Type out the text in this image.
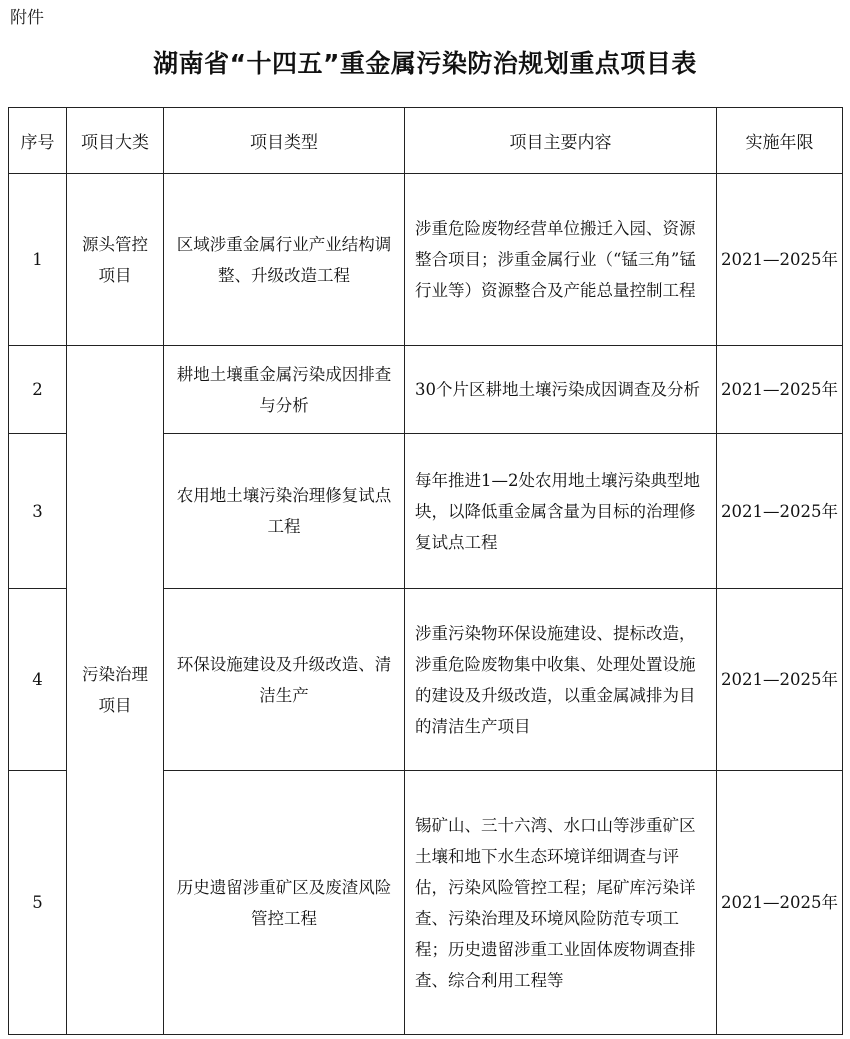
附件
湖南省“十四五”重金属污染防治规划重点项目表
序号	项目大类	项目类型	项目主要内容	实施年限
1	源头管控项目	区域涉重金属行业产业结构调整、升级改造工程	涉重危险废物经营单位搬迁入园、资源整合项目；涉重金属行业（“锰三角”锰行业等）资源整合及产能总量控制工程	2021—2025年
2	污染治理项目	耕地土壤重金属污染成因排查与分析	30个片区耕地土壤污染成因调查及分析	2021—2025年
3		农用地土壤污染治理修复试点工程	每年推进1—2处农用地土壤污染典型地块，以降低重金属含量为目标的治理修复试点工程	2021—2025年
4		环保设施建设及升级改造、清洁生产	涉重污染物环保设施建设、提标改造，涉重危险废物集中收集、处理处置设施的建设及升级改造，以重金属减排为目的清洁生产项目	2021—2025年
5		历史遗留涉重矿区及废渣风险管控工程	锡矿山、三十六湾、水口山等涉重矿区土壤和地下水生态环境详细调查与评估，污染风险管控工程；尾矿库污染详查、污染治理及环境风险防范专项工程；历史遗留涉重工业固体废物调查排查、综合利用工程等	2021—2025年
